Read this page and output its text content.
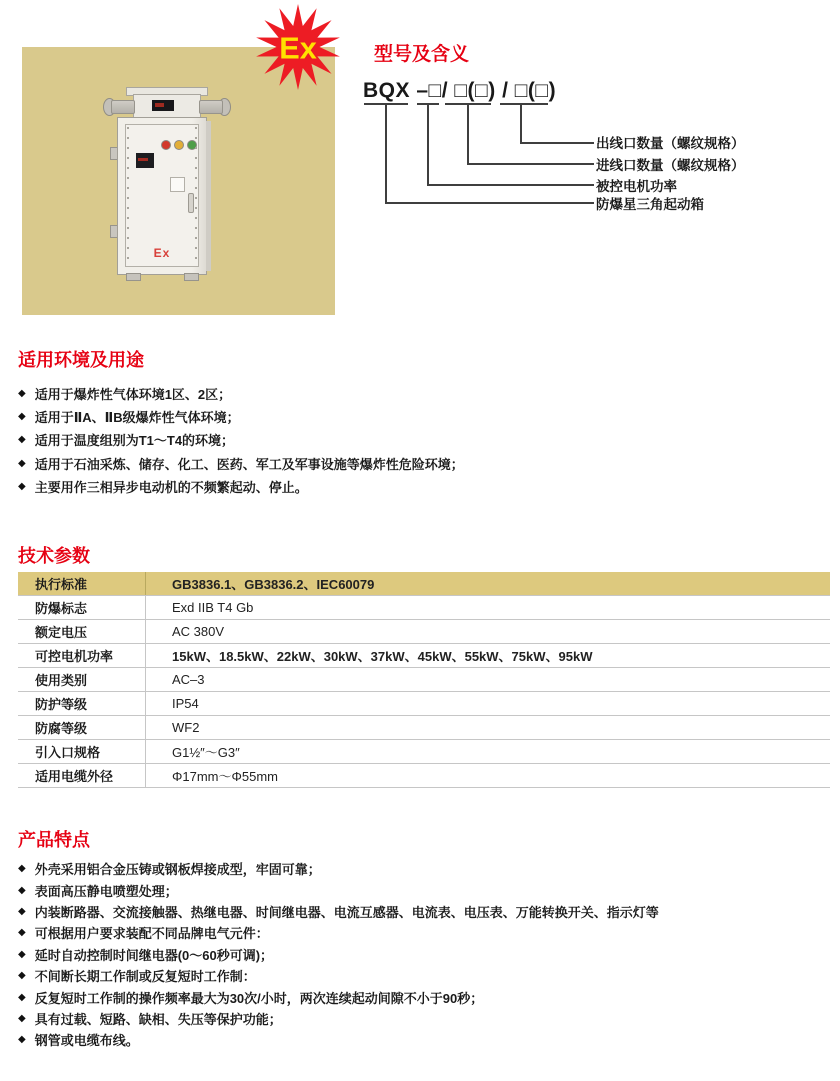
Ex
Ex	型号及含义
BQX –□/ □(□) / □(□)
出线口数量（螺纹规格）
进线口数量（螺纹规格）
被控电机功率
防爆星三角起动箱
适用环境及用途
◆ 适用于爆炸性气体环境1区、2区；
◆ 适用于ⅡA、ⅡB级爆炸性气体环境；
◆ 适用于温度组别为T1～T4的环境；
◆ 适用于石油采炼、储存、化工、医药、军工及军事设施等爆炸性危险环境；
◆ 主要用作三相异步电动机的不频繁起动、停止。
技术参数
执行标准	GB3836.1、GB3836.2、IEC60079
防爆标志	Exd IIB T4 Gb
额定电压	AC 380V
可控电机功率	15kW、18.5kW、22kW、30kW、37kW、45kW、55kW、75kW、95kW
使用类别	AC–3
防护等级	IP54
防腐等级	WF2
引入口规格	G1½″～G3″
适用电缆外径	Φ17mm～Φ55mm
产品特点
◆ 外壳采用铝合金压铸或钢板焊接成型，牢固可靠；
◆ 表面高压静电喷塑处理；
◆ 内装断路器、交流接触器、热继电器、时间继电器、电流互感器、电流表、电压表、万能转换开关、指示灯等
◆ 可根据用户要求装配不同品牌电气元件：
◆ 延时自动控制时间继电器(0～60秒可调)；
◆ 不间断长期工作制或反复短时工作制：
◆ 反复短时工作制的操作频率最大为30次/小时，两次连续起动间隙不小于90秒；
◆ 具有过载、短路、缺相、失压等保护功能；
◆ 钢管或电缆布线。
